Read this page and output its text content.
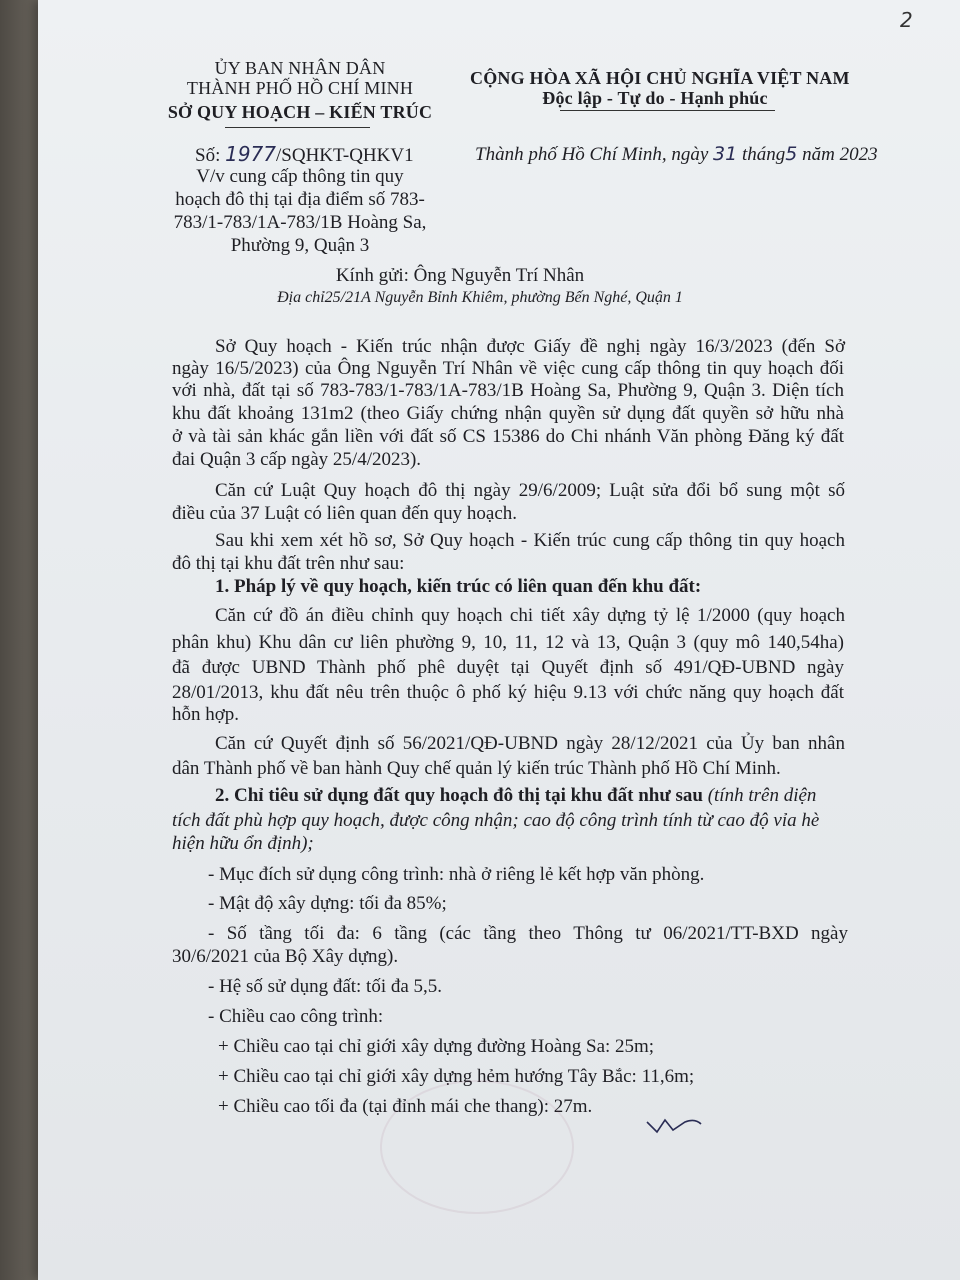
2
ỦY BAN NHÂN DÂN
THÀNH PHỐ HỒ CHÍ MINH
SỞ QUY HOẠCH – KIẾN TRÚC
CỘNG HÒA XÃ HỘI CHỦ NGHĨA VIỆT NAM
Độc lập - Tự do - Hạnh phúc
Số: 1977/SQHKT-QHKV1
V/v cung cấp thông tin quy
hoạch đô thị tại địa điểm số 783-
783/1-783/1A-783/1B Hoàng Sa,
Phường 9, Quận 3
Thành phố Hồ Chí Minh, ngày 31 tháng5 năm 2023
Kính gửi: Ông Nguyễn Trí Nhân
Địa chỉ25/21A Nguyễn Bỉnh Khiêm, phường Bến Nghé, Quận 1
Sở Quy hoạch - Kiến trúc nhận được Giấy đề nghị ngày 16/3/2023 (đến Sở
ngày 16/5/2023) của Ông Nguyễn Trí Nhân về việc cung cấp thông tin quy hoạch đối
với nhà, đất tại số 783-783/1-783/1A-783/1B Hoàng Sa, Phường 9, Quận 3. Diện tích
khu đất khoảng 131m2 (theo Giấy chứng nhận quyền sử dụng đất quyền sở hữu nhà
ở và tài sản khác gắn liền với đất số CS 15386 do Chi nhánh Văn phòng Đăng ký đất
đai Quận 3 cấp ngày 25/4/2023).
Căn cứ Luật Quy hoạch đô thị ngày 29/6/2009; Luật sửa đổi bổ sung một số
điều của 37 Luật có liên quan đến quy hoạch.
Sau khi xem xét hồ sơ, Sở Quy hoạch - Kiến trúc cung cấp thông tin quy hoạch
đô thị tại khu đất trên như sau:
1. Pháp lý về quy hoạch, kiến trúc có liên quan đến khu đất:
Căn cứ đồ án điều chỉnh quy hoạch chi tiết xây dựng tỷ lệ 1/2000 (quy hoạch
phân khu) Khu dân cư liên phường 9, 10, 11, 12 và 13, Quận 3 (quy mô 140,54ha)
đã được UBND Thành phố phê duyệt tại Quyết định số 491/QĐ-UBND ngày
28/01/2013, khu đất nêu trên thuộc ô phố ký hiệu 9.13 với chức năng quy hoạch đất
hỗn hợp.
Căn cứ Quyết định số 56/2021/QĐ-UBND ngày 28/12/2021 của Ủy ban nhân
dân Thành phố về ban hành Quy chế quản lý kiến trúc Thành phố Hồ Chí Minh.
2. Chỉ tiêu sử dụng đất quy hoạch đô thị tại khu đất như sau (tính trên diện
tích đất phù hợp quy hoạch, được công nhận; cao độ công trình tính từ cao độ vỉa hè
hiện hữu ổn định);
- Mục đích sử dụng công trình: nhà ở riêng lẻ kết hợp văn phòng.
- Mật độ xây dựng: tối đa 85%;
- Số tầng tối đa: 6 tầng (các tầng theo Thông tư 06/2021/TT-BXD ngày
30/6/2021 của Bộ Xây dựng).
- Hệ số sử dụng đất: tối đa 5,5.
- Chiều cao công trình:
+ Chiều cao tại chỉ giới xây dựng đường Hoàng Sa: 25m;
+ Chiều cao tại chỉ giới xây dựng hẻm hướng Tây Bắc: 11,6m;
+ Chiều cao tối đa (tại đỉnh mái che thang): 27m.
